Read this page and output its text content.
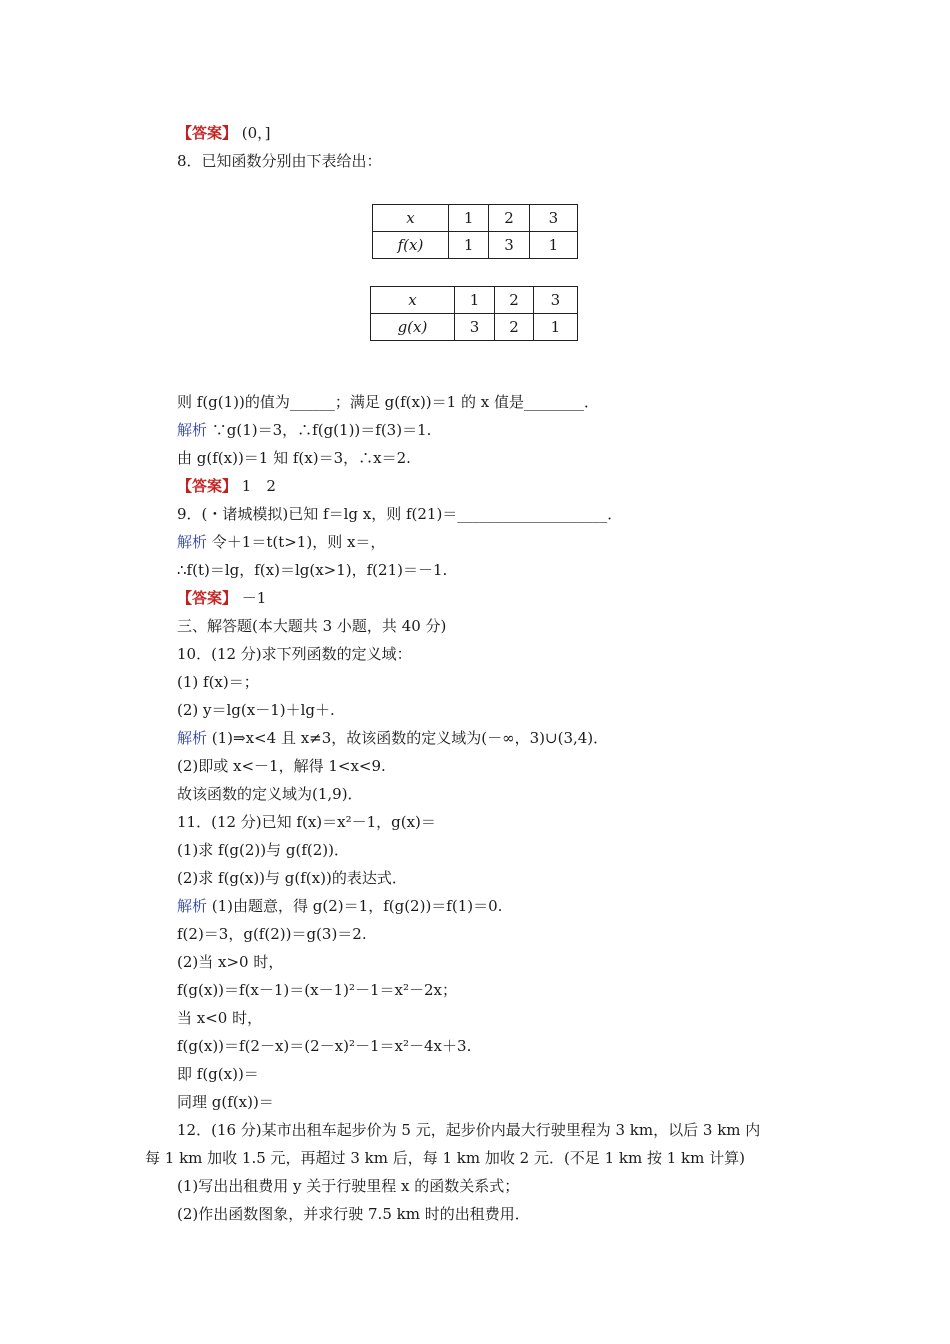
【答案】 (0，]
8．已知函数分别由下表给出：
x	1	2	3
f(x)	1	3	1
x	1	2	3
g(x)	3	2	1
则 f(g(1))的值为______；满足 g(f(x))＝1 的 x 值是________．
解析 ∵g(1)＝3，∴f(g(1))＝f(3)＝1.
由 g(f(x))＝1 知 f(x)＝3，∴x＝2.
【答案】 1　2
9．(・诸城模拟)已知 f＝lg x，则 f(21)＝____________________．
解析 令＋1＝t(t>1)，则 x＝，
∴f(t)＝lg，f(x)＝lg(x>1)，f(21)＝－1.
【答案】 －1
三、解答题(本大题共 3 小题，共 40 分)
10．(12 分)求下列函数的定义域：
(1) f(x)＝；
(2) y＝lg(x－1)＋lg＋.
解析 (1)⇒x<4 且 x≠3，故该函数的定义域为(－∞，3)∪(3,4)．
(2)即或 x<－1，解得 1<x<9.
故该函数的定义域为(1,9)．
11．(12 分)已知 f(x)＝x²－1，g(x)＝
(1)求 f(g(2))与 g(f(2))．
(2)求 f(g(x))与 g(f(x))的表达式．
解析 (1)由题意，得 g(2)＝1，f(g(2))＝f(1)＝0.
f(2)＝3，g(f(2))＝g(3)＝2.
(2)当 x>0 时，
f(g(x))＝f(x－1)＝(x－1)²－1＝x²－2x；
当 x<0 时，
f(g(x))＝f(2－x)＝(2－x)²－1＝x²－4x＋3.
即 f(g(x))＝
同理 g(f(x))＝
12．(16 分)某市出租车起步价为 5 元，起步价内最大行驶里程为 3 km，以后 3 km 内
每 1 km 加收 1.5 元，再超过 3 km 后，每 1 km 加收 2 元．(不足 1 km 按 1 km 计算)
(1)写出出租费用 y 关于行驶里程 x 的函数关系式；
(2)作出函数图象，并求行驶 7.5 km 时的出租费用．
